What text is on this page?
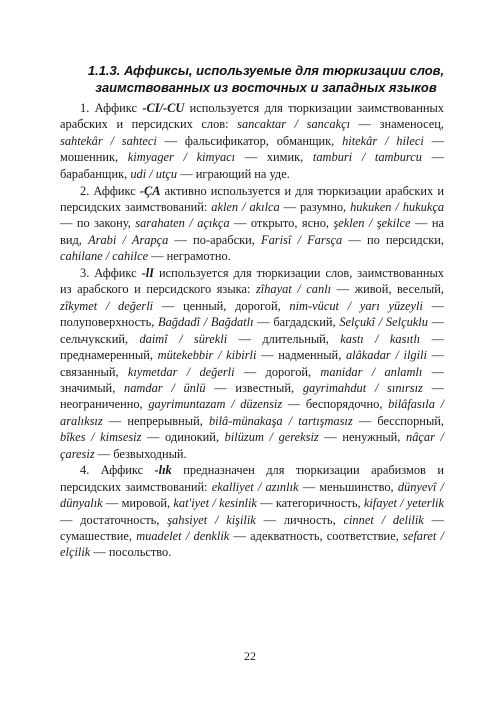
1.1.3. Аффиксы, используемые для тюркизации слов, заимствованных из восточных и западных языков

1. Аффикс -CI/-CU используется для тюркизации заимствованных арабских и персидских слов: sancaktar / sancakçı — знаменосец, sahtekâr / sahteci — фальсификатор, обманщик, hitekâr / hileci — мошенник, kimyager / kimyacı — химик, tamburi / tamburcu — барабанщик, udi / utçu — играющий на уде.

2. Аффикс -ÇA активно используется и для тюркизации арабских и персидских заимствований: aklen / akılca — разумно, hukuken / hukukça — по закону, sarahaten / açıkça — открыто, ясно, şeklen / şekilce — на вид, Arabi / Arapça — по-арабски, Farisî / Farsça — по персидски, cahilane / cahilce — неграмотно.

3. Аффикс -lI используется для тюркизации слов, заимствованных из арабского и персидского языка: zîhayat / canlı — живой, веселый, zîkymet / değerli — ценный, дорогой, nim-vücut / yarı yüzeyli — полуповерхность, Bağdadî / Bağdatlı — багдадский, Selçukî / Selçuklu — сельчукский, daimî / sürekli — длительный, kastı / kasıtlı — преднамеренный, mütekebbir / kibirli — надменный, alâkadar / ilgili — связанный, kıymetdar / değerli — дорогой, manidar / anlamlı — значимый, namdar / ünlü — известный, gayrimahdut / sınırsız — неограниченно, gayrimuntazam / düzensiz — беспорядочно, bilâfasıla / aralıksız — непрерывный, bilâ-münakaşa / tartışmasız — бесспорный, bîkes / kimsesiz — одинокий, bilüzum / gereksiz — ненужный, nâçar / çaresiz — безвыходный.

4. Аффикс -lık предназначен для тюркизации арабизмов и персидских заимствований: ekalliyet / azınlık — меньшинство, dünyevî / dünyalık — мировой, kat'iyet / kesinlik — категоричность, kifayet / yeterlik — достаточность, şahsiyet / kişilik — личность, cinnet / delilik — сумашествие, muadelet / denklik — адекватность, соответствие, sefaret / elçilik — посольство.

22
